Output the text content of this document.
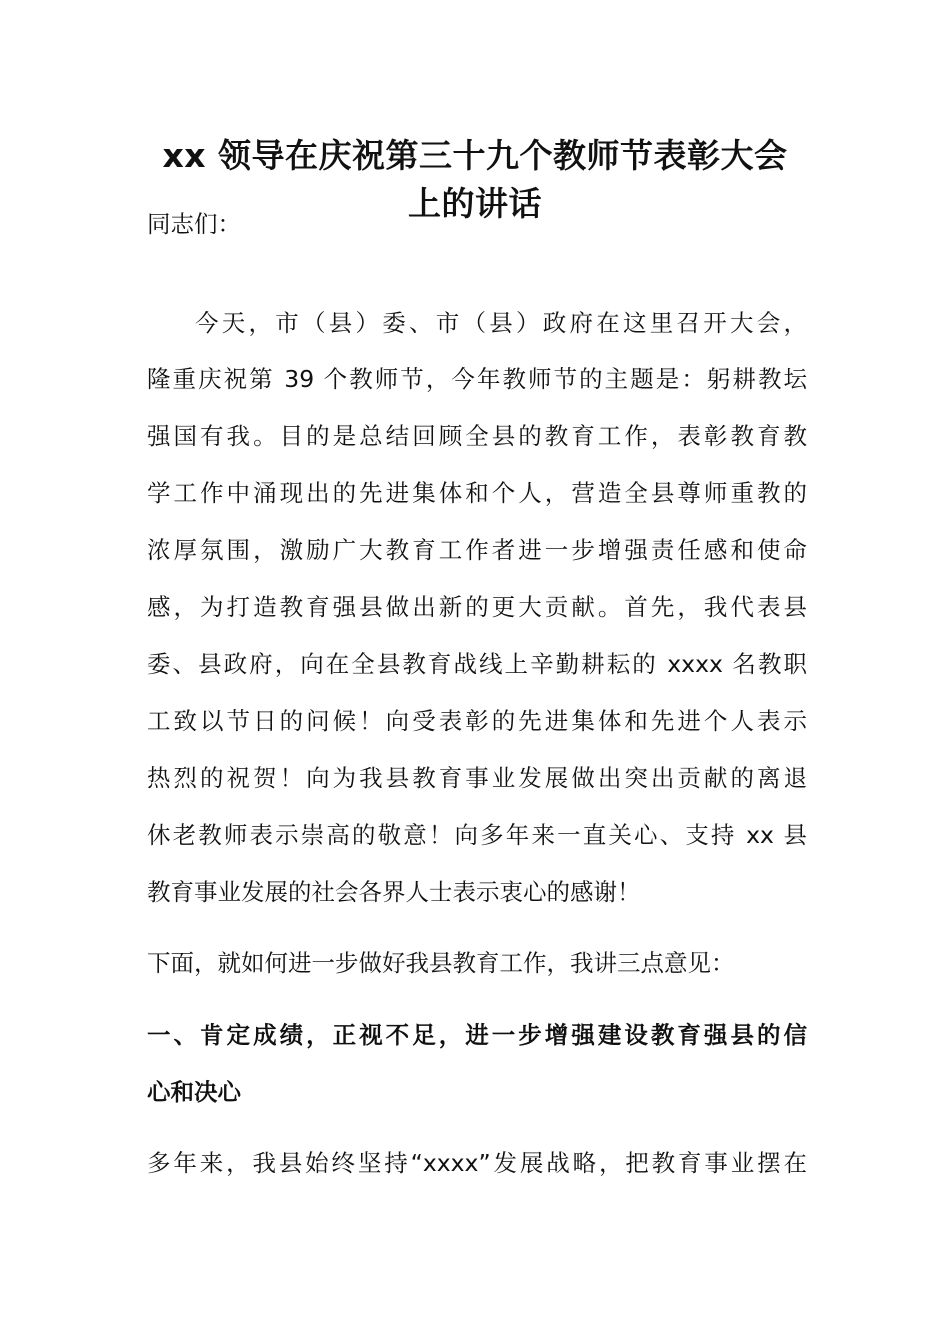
xx 领导在庆祝第三十九个教师节表彰大会
上的讲话
同志们：
今天，市（县）委、市（县）政府在这里召开大会，
隆重庆祝第 39 个教师节，今年教师节的主题是：躬耕教坛
强国有我。目的是总结回顾全县的教育工作，表彰教育教
学工作中涌现出的先进集体和个人，营造全县尊师重教的
浓厚氛围，激励广大教育工作者进一步增强责任感和使命
感，为打造教育强县做出新的更大贡献。首先，我代表县
委、县政府，向在全县教育战线上辛勤耕耘的 xxxx 名教职
工致以节日的问候！向受表彰的先进集体和先进个人表示
热烈的祝贺！向为我县教育事业发展做出突出贡献的离退
休老教师表示崇高的敬意！向多年来一直关心、支持 xx 县
教育事业发展的社会各界人士表示衷心的感谢！
下面，就如何进一步做好我县教育工作，我讲三点意见：
一、肯定成绩，正视不足，进一步增强建设教育强县的信
心和决心
多年来，我县始终坚持“xxxx”发展战略，把教育事业摆在
